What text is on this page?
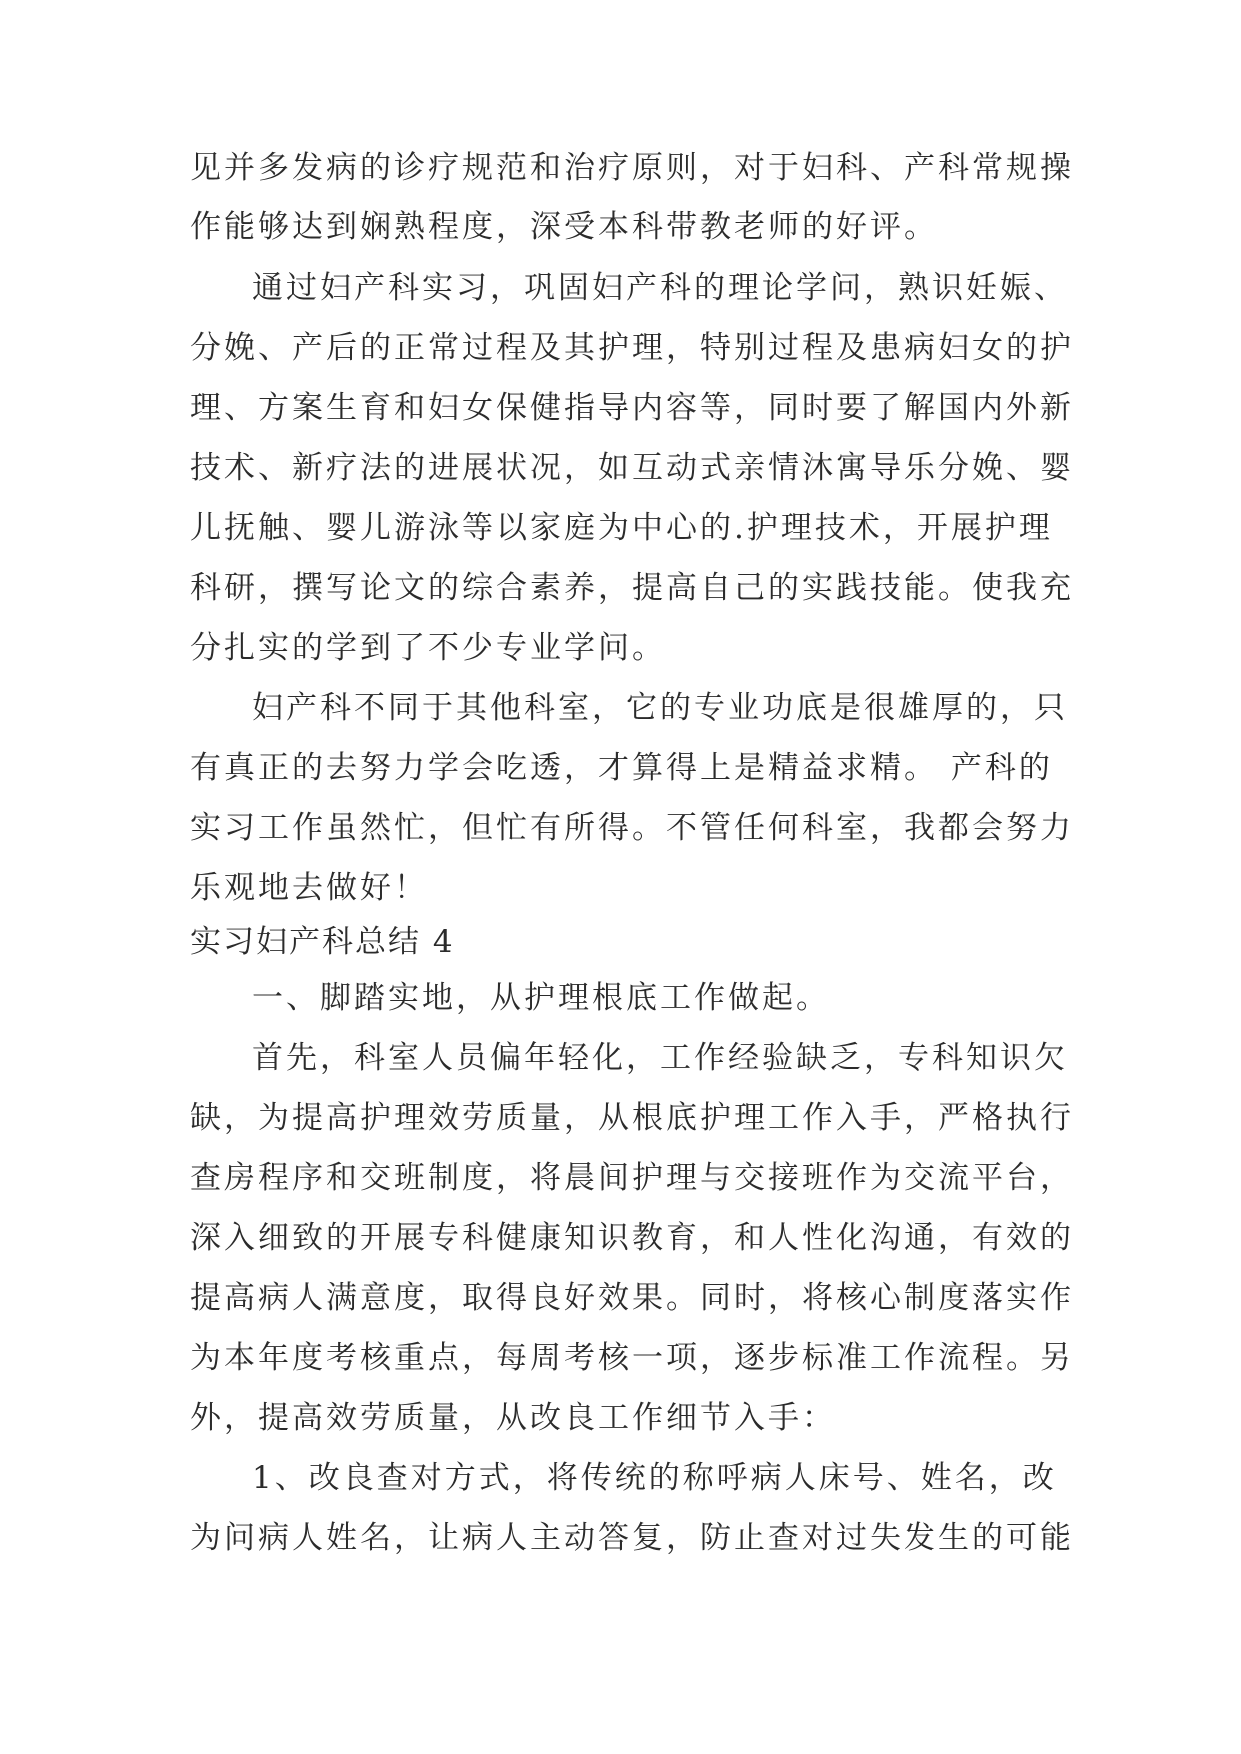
见并多发病的诊疗规范和治疗原则，对于妇科、产科常规操
作能够达到娴熟程度，深受本科带教老师的好评。
通过妇产科实习，巩固妇产科的理论学问，熟识妊娠、
分娩、产后的正常过程及其护理，特别过程及患病妇女的护
理、方案生育和妇女保健指导内容等，同时要了解国内外新
技术、新疗法的进展状况，如互动式亲情沐寓导乐分娩、婴
儿抚触、婴儿游泳等以家庭为中心的.护理技术，开展护理
科研，撰写论文的综合素养，提高自己的实践技能。使我充
分扎实的学到了不少专业学问。
妇产科不同于其他科室，它的专业功底是很雄厚的，只
有真正的去努力学会吃透，才算得上是精益求精。 产科的
实习工作虽然忙，但忙有所得。不管任何科室，我都会努力
乐观地去做好！
实习妇产科总结 4
一、脚踏实地，从护理根底工作做起。
首先，科室人员偏年轻化，工作经验缺乏，专科知识欠
缺，为提高护理效劳质量，从根底护理工作入手，严格执行
查房程序和交班制度，将晨间护理与交接班作为交流平台，
深入细致的开展专科健康知识教育，和人性化沟通，有效的
提高病人满意度，取得良好效果。同时，将核心制度落实作
为本年度考核重点，每周考核一项，逐步标准工作流程。另
外，提高效劳质量，从改良工作细节入手：
1、改良查对方式，将传统的称呼病人床号、姓名，改
为问病人姓名，让病人主动答复，防止查对过失发生的可能
